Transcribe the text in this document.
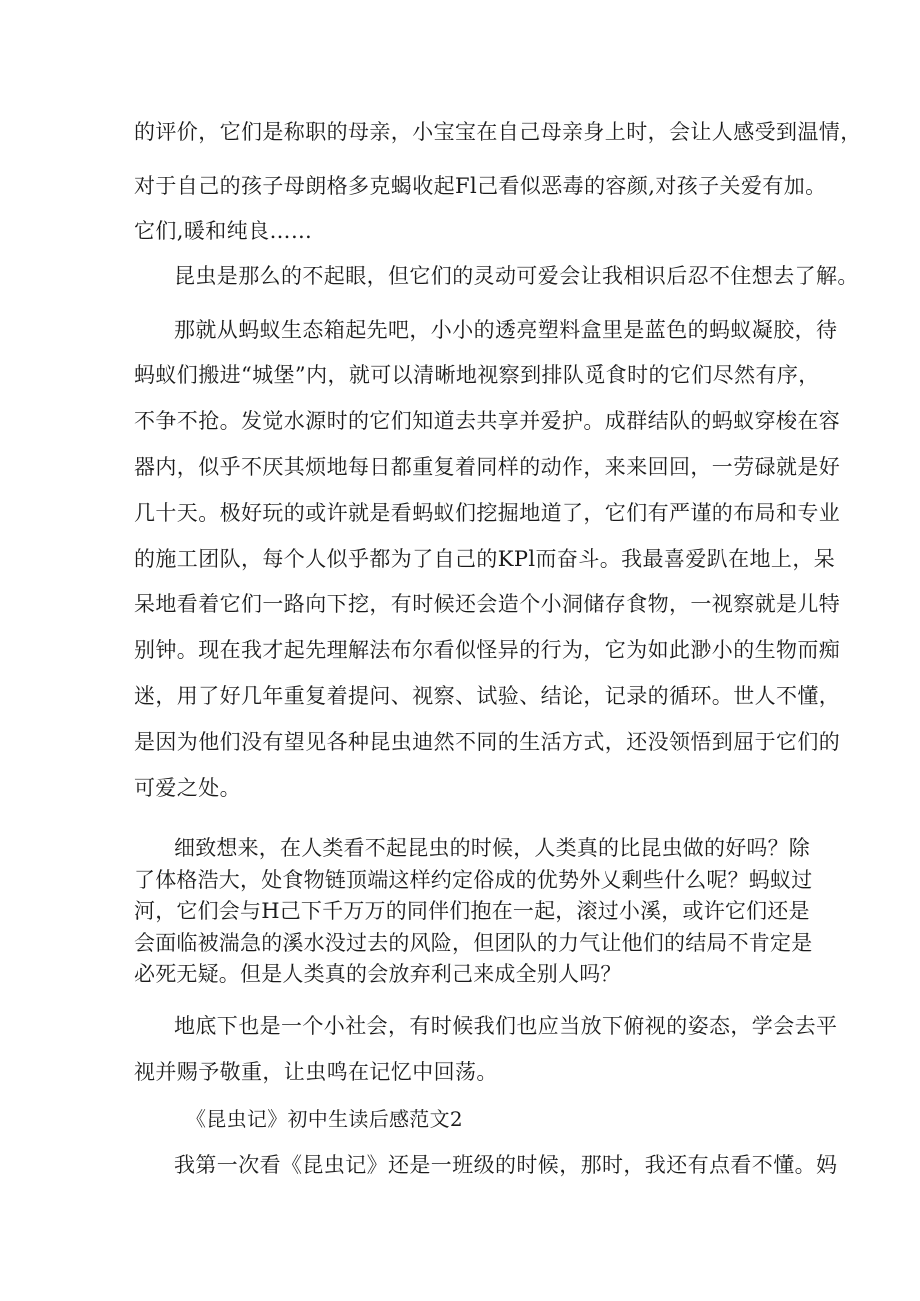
的评价，它们是称职的母亲，小宝宝在自己母亲身上时，会让人感受到温情，
对于自己的孩子母朗格多克蝎收起Fl己看似恶毒的容颜,对孩子关爱有加。
它们,暖和纯良……
昆虫是那么的不起眼，但它们的灵动可爱会让我相识后忍不住想去了解。
那就从蚂蚁生态箱起先吧，小小的透亮塑料盒里是蓝色的蚂蚁凝胶，待
蚂蚁们搬进“城堡”内，就可以清晰地视察到排队觅食时的它们尽然有序，
不争不抢。发觉水源时的它们知道去共享并爱护。成群结队的蚂蚁穿梭在容
器内，似乎不厌其烦地每日都重复着同样的动作，来来回回，一劳碌就是好
几十天。极好玩的或许就是看蚂蚁们挖掘地道了，它们有严谨的布局和专业
的施工团队，每个人似乎都为了自己的KPl而奋斗。我最喜爱趴在地上，呆
呆地看着它们一路向下挖，有时候还会造个小洞储存食物，一视察就是儿特
别钟。现在我才起先理解法布尔看似怪异的行为，它为如此渺小的生物而痴
迷，用了好几年重复着提问、视察、试验、结论，记录的循环。世人不懂，
是因为他们没有望见各种昆虫迪然不同的生活方式，还没领悟到屈于它们的
可爱之处。
细致想来，在人类看不起昆虫的时候，人类真的比昆虫做的好吗？除
了体格浩大，处食物链顶端这样约定俗成的优势外乂剩些什么呢？蚂蚁过
河，它们会与H己下千万万的同伴们抱在一起，滚过小溪，或许它们还是
会面临被湍急的溪水没过去的风险，但团队的力气让他们的结局不肯定是
必死无疑。但是人类真的会放弃利己来成全别人吗？
地底下也是一个小社会，有时候我们也应当放下俯视的姿态，学会去平
视并赐予敬重，让虫鸣在记忆中回荡。
《昆虫记》初中生读后感范文2
我第一次看《昆虫记》还是一班级的时候，那时，我还有点看不懂。妈
